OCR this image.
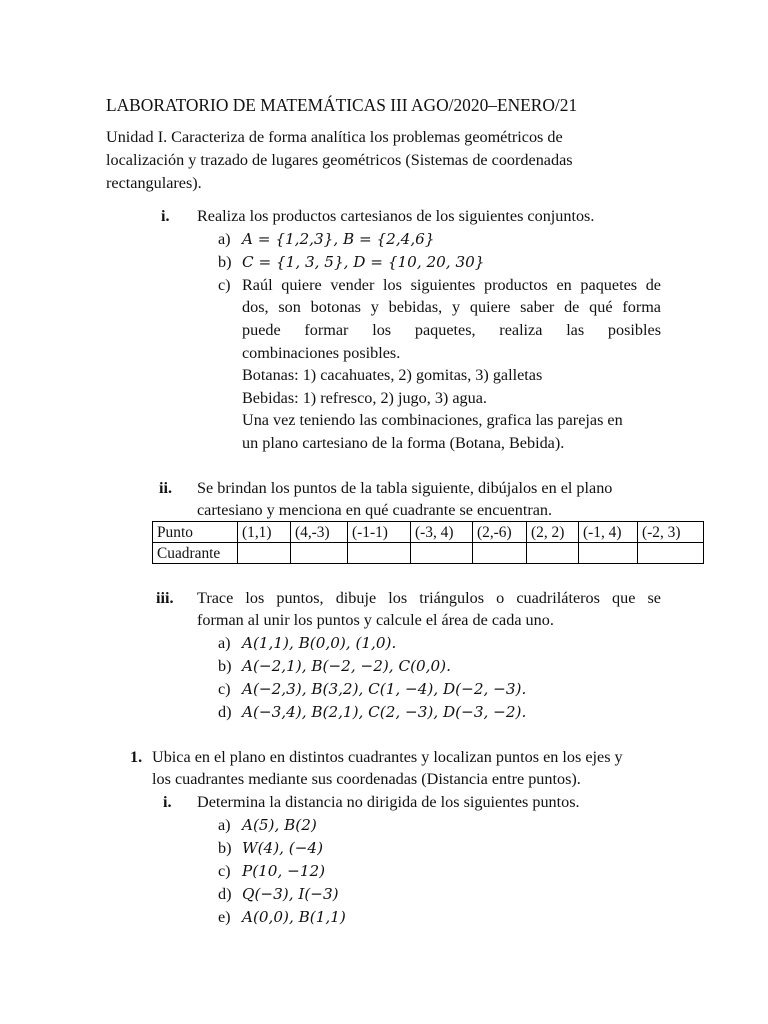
LABORATORIO DE MATEMÁTICAS III AGO/2020–ENERO/21
Unidad I. Caracteriza de forma analítica los problemas geométricos de
localización y trazado de lugares geométricos (Sistemas de coordenadas
rectangulares).
i. Realiza los productos cartesianos de los siguientes conjuntos.
a) A = {1,2,3}, B = {2,4,6}
b) C = {1, 3, 5}, D = {10, 20, 30}
c) Raúl quiere vender los siguientes productos en paquetes de
dos, son botonas y bebidas, y quiere saber de qué forma
puede formar los paquetes, realiza las posibles
combinaciones posibles.
Botanas: 1) cacahuates, 2) gomitas, 3) galletas
Bebidas: 1) refresco, 2) jugo, 3) agua.
Una vez teniendo las combinaciones, grafica las parejas en
un plano cartesiano de la forma (Botana, Bebida).
ii. Se brindan los puntos de la tabla siguiente, dibújalos en el plano
cartesiano y menciona en qué cuadrante se encuentran.
Punto	(1,1)	(4,-3)	(-1-1)	(-3, 4)	(2,-6)	(2, 2)	(-1, 4)	(-2, 3)
Cuadrante								
iii. Trace los puntos, dibuje los triángulos o cuadriláteros que se
forman al unir los puntos y calcule el área de cada uno.
a) A(1,1), B(0,0), (1,0).
b) A(−2,1), B(−2, −2), C(0,0).
c) A(−2,3), B(3,2), C(1, −4), D(−2, −3).
d) A(−3,4), B(2,1), C(2, −3), D(−3, −2).
1. Ubica en el plano en distintos cuadrantes y localizan puntos en los ejes y
los cuadrantes mediante sus coordenadas (Distancia entre puntos).
i. Determina la distancia no dirigida de los siguientes puntos.
a) A(5), B(2)
b) W(4), (−4)
c) P(10, −12)
d) Q(−3), I(−3)
e) A(0,0), B(1,1)
